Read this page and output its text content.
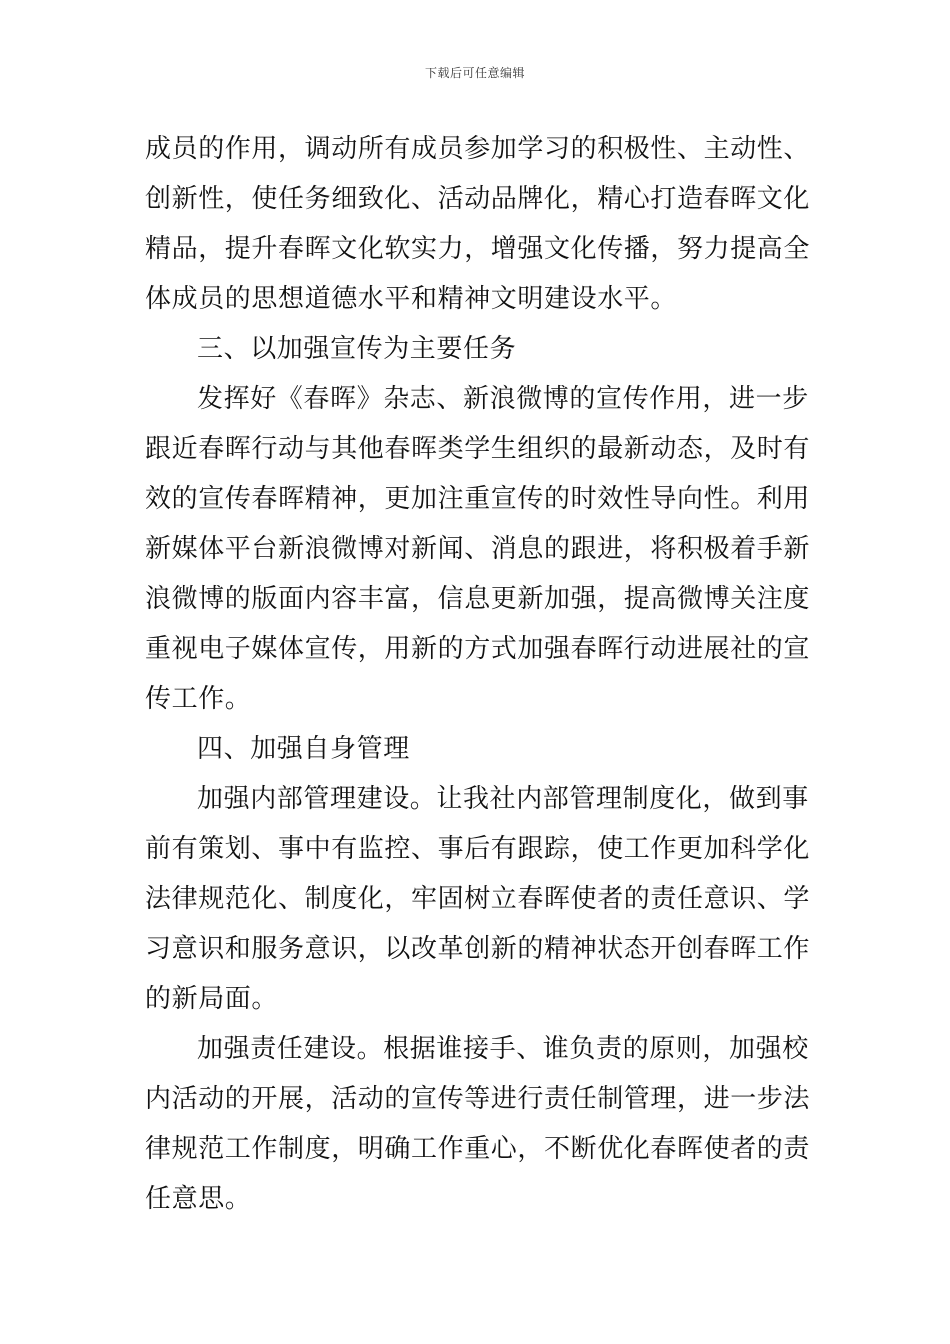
下载后可任意编辑
成员的作用，调动所有成员参加学习的积极性、主动性、
创新性，使任务细致化、活动品牌化，精心打造春晖文化
精品，提升春晖文化软实力，增强文化传播，努力提高全
体成员的思想道德水平和精神文明建设水平。
三、以加强宣传为主要任务
发挥好《春晖》杂志、新浪微博的宣传作用，进一步
跟近春晖行动与其他春晖类学生组织的最新动态，及时有
效的宣传春晖精神，更加注重宣传的时效性导向性。利用
新媒体平台新浪微博对新闻、消息的跟进，将积极着手新
浪微博的版面内容丰富，信息更新加强，提高微博关注度
重视电子媒体宣传，用新的方式加强春晖行动进展社的宣
传工作。
四、加强自身管理
加强内部管理建设。让我社内部管理制度化，做到事
前有策划、事中有监控、事后有跟踪，使工作更加科学化
法律规范化、制度化，牢固树立春晖使者的责任意识、学
习意识和服务意识，以改革创新的精神状态开创春晖工作
的新局面。
加强责任建设。根据谁接手、谁负责的原则，加强校
内活动的开展，活动的宣传等进行责任制管理，进一步法
律规范工作制度，明确工作重心，不断优化春晖使者的责
任意思。
